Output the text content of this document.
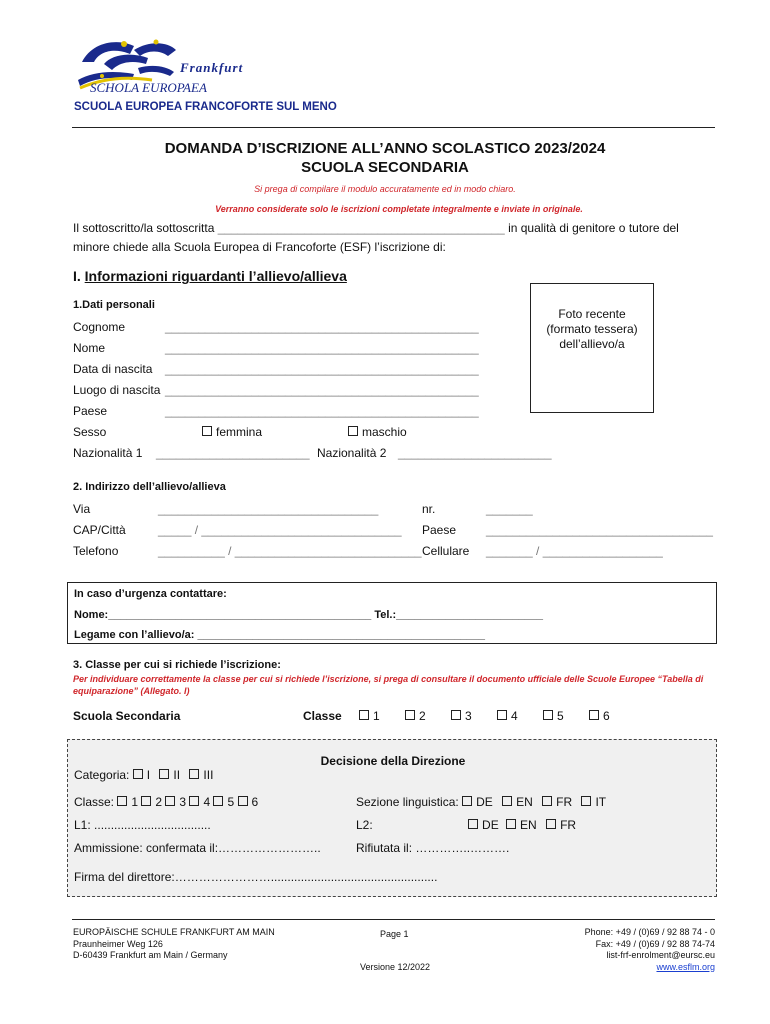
Frankfurt
SCHOLA EUROPAEA
SCUOLA EUROPEA FRANCOFORTE SUL MENO
DOMANDA D’ISCRIZIONE ALL’ANNO SCOLASTICO 2023/2024
SCUOLA SECONDARIA
Si prega di compilare il modulo accuratamente ed in modo chiaro.
Verranno considerate solo le iscrizioni completate integralmente e inviate in originale.
Il sottoscritto/la sottoscritta ___________________________________________ in qualità di genitore o tutore del
minore chiede alla Scuola Europea di Francoforte (ESF) l’iscrizione di:
I. Informazioni riguardanti l’allievo/allieva
1.Dati personali

Foto recente
(formato tessera)
dell’allievo/a

Cognome	_______________________________________________
Nome	_______________________________________________
Data di nascita _______________________________________________
Luogo di nascita _______________________________________________
Paese	_______________________________________________
Sesso	femmina	maschio
Nazionalità 1 _______________________ Nazionalità 2 _______________________
2. Indirizzo dell’allievo/allieva
Via	_________________________________	nr.	_______
CAP/Città	_____ / ______________________________ Paese __________________________________
Telefono	__________ / ____________________________ Cellulare _______ / __________________
In caso d’urgenza contattare:
Nome:___________________________________________ Tel.:________________________
Legame con l’allievo/a: _______________________________________________
3. Classe per cui si richiede l’iscrizione:
Per individuare correttamente la classe per cui si richiede l’iscrizione, si prega di consultare il documento ufficiale delle Scuole Europee “Tabella di equiparazione” (Allegato. I)
Scuola Secondaria	Classe	1	2	3	4	5	6
Decisione della Direzione
Categoria: I II III
Classe: 1 2 3 4 5 6	Sezione linguistica: DE EN FR IT
L1: ...................................	L2:	DE EN FR
Ammissione: confermata il:……………………..	Rifiutata il: …………..……….
Firma del direttore:……………………..................................................
EUROPÄISCHE SCHULE FRANKFURT AM MAIN
Praunheimer Weg 126
D-60439 Frankfurt am Main / Germany
Page 1
Versione 12/2022
Phone: +49 / (0)69 / 92 88 74 - 0
Fax: +49 / (0)69 / 92 88 74-74
list-frf-enrolment@eursc.eu
www.esflm.org
